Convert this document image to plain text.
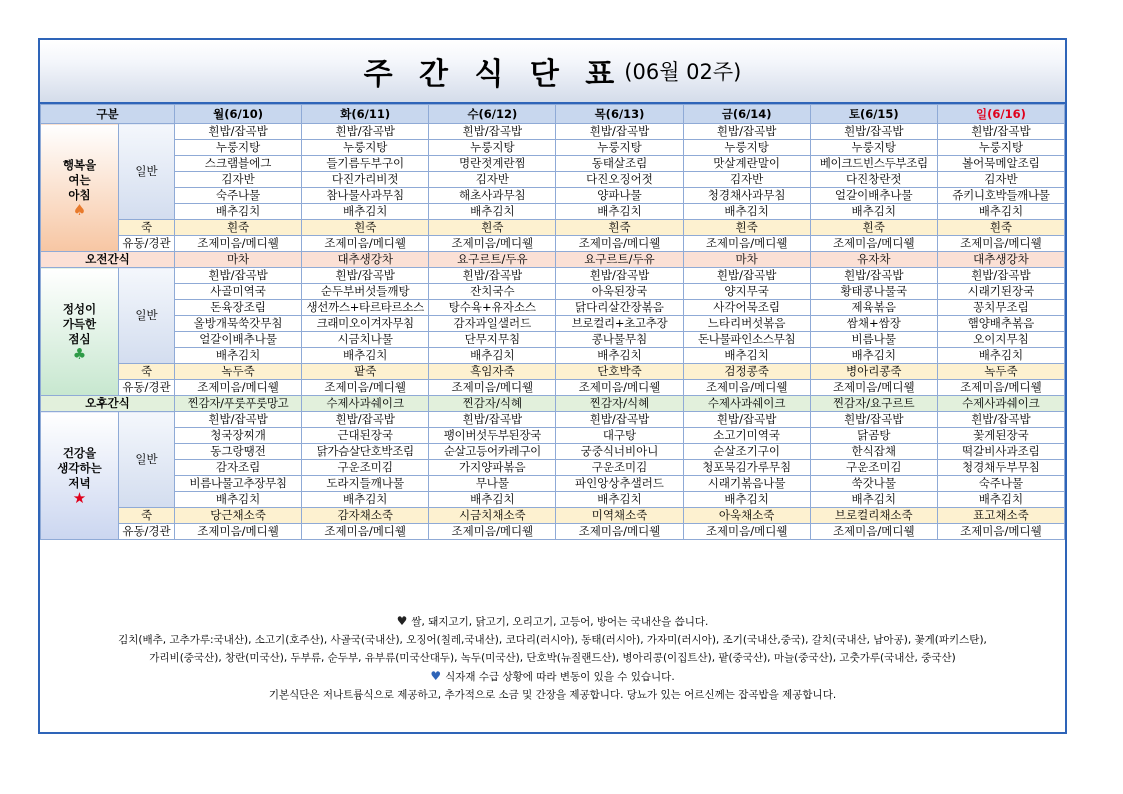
주 간 식 단 표 (06월 02주)
구분		월(6/10)	화(6/11)	수(6/12)	목(6/13)	금(6/14)	토(6/15)	일(6/16)

행복을
여는
아침
♠	일반	흰밥/잡곡밥	흰밥/잡곡밥	흰밥/잡곡밥	흰밥/잡곡밥	흰밥/잡곡밥	흰밥/잡곡밥	흰밥/잡곡밥
		누룽지탕	누룽지탕	누룽지탕	누룽지탕	누룽지탕	누룽지탕	누룽지탕
		스크램블에그	들기름두부구이	명란젓계란찜	동태살조림	맛살계란말이	베이크드빈스두부조림	볼어묵메알조림
		김자반	다진가리비젓	김자반	다진오징어젓	김자반	다진창란젓	김자반
		숙주나물	참나물사과무침	해초사과무침	양파나물	청경채사과무침	얼갈이배추나물	쥬키니호박들깨나물
		배추김치	배추김치	배추김치	배추김치	배추김치	배추김치	배추김치
	죽	흰죽	흰죽	흰죽	흰죽	흰죽	흰죽	흰죽
	유동/경관	조제미음/메디웰	조제미음/메디웰	조제미음/메디웰	조제미음/메디웰	조제미음/메디웰	조제미음/메디웰	조제미음/메디웰
오전간식		마차	대추생강차	요구르트/두유	요구르트/두유	마차	유자차	대추생강차

정성이
가득한
점심
♣	일반	흰밥/잡곡밥	흰밥/잡곡밥	흰밥/잡곡밥	흰밥/잡곡밥	흰밥/잡곡밥	흰밥/잡곡밥	흰밥/잡곡밥
		사골미역국	순두부버섯들깨탕	잔치국수	아욱된장국	양지무국	황태콩나물국	시래기된장국
		돈육장조림	생선까스+타르타르소스	탕수육+유자소스	닭다리살간장볶음	사각어묵조림	제육볶음	꽁치무조림
		올방개묵쑥갓무침	크래미오이겨자무침	감자과일샐러드	브로컬리+초고추장	느타리버섯볶음	쌈채+쌈장	햄양배추볶음
		얼갈이배추나물	시금치나물	단무지무침	콩나물무침	돈나물파인소스무침	비름나물	오이지무침
		배추김치	배추김치	배추김치	배추김치	배추김치	배추김치	배추김치
	죽	녹두죽	팥죽	흑임자죽	단호박죽	검정콩죽	병아리콩죽	녹두죽
	유동/경관	조제미음/메디웰	조제미음/메디웰	조제미음/메디웰	조제미음/메디웰	조제미음/메디웰	조제미음/메디웰	조제미음/메디웰
오후간식		찐감자/푸룻푸룻망고	수제사과쉐이크	찐감자/식혜	찐감자/식혜	수제사과쉐이크	찐감자/요구르트	수제사과쉐이크

건강을
생각하는
저녁
★	일반	흰밥/잡곡밥	흰밥/잡곡밥	흰밥/잡곡밥	흰밥/잡곡밥	흰밥/잡곡밥	흰밥/잡곡밥	흰밥/잡곡밥
		청국장찌개	근대된장국	팽이버섯두부된장국	대구탕	소고기미역국	닭곰탕	꽃게된장국
		동그랑땡전	닭가슴살단호박조림	순살고등어카레구이	궁중식너비아니	순살조기구이	한식잡채	떡갈비사과조림
		감자조림	구운조미김	가지양파볶음	구운조미김	청포묵김가루무침	구운조미김	청경채두부무침
		비름나물고추장무침	도라지들깨나물	무나물	파인앙상추샐러드	시래기볶음나물	쑥갓나물	숙주나물
		배추김치	배추김치	배추김치	배추김치	배추김치	배추김치	배추김치
	죽	당근채소죽	감자채소죽	시금치채소죽	미역채소죽	아욱채소죽	브로컬리채소죽	표고채소죽
	유동/경관	조제미음/메디웰	조제미음/메디웰	조제미음/메디웰	조제미음/메디웰	조제미음/메디웰	조제미음/메디웰	조제미음/메디웰

♥ 쌀, 돼지고기, 닭고기, 오리고기, 고등어, 방어는 국내산을 씁니다.

김치(배추, 고추가루:국내산), 소고기(호주산), 사골국(국내산), 오징어(칠레,국내산), 코다리(러시아), 동태(러시아), 가자미(러시아), 조기(국내산,중국), 갈치(국내산, 남아공), 꽃게(파키스탄),

가리비(중국산), 창란(미국산), 두부류, 순두부, 유부류(미국산대두), 녹두(미국산), 단호박(뉴질랜드산), 병아리콩(이집트산), 팥(중국산), 마늘(중국산), 고춧가루(국내산, 중국산)

♥ 식자재 수급 상황에 따라 변동이 있을 수 있습니다.

기본식단은 저나트륨식으로 제공하고, 추가적으로 소금 및 간장을 제공합니다. 당뇨가 있는 어르신께는 잡곡밥을 제공합니다.
